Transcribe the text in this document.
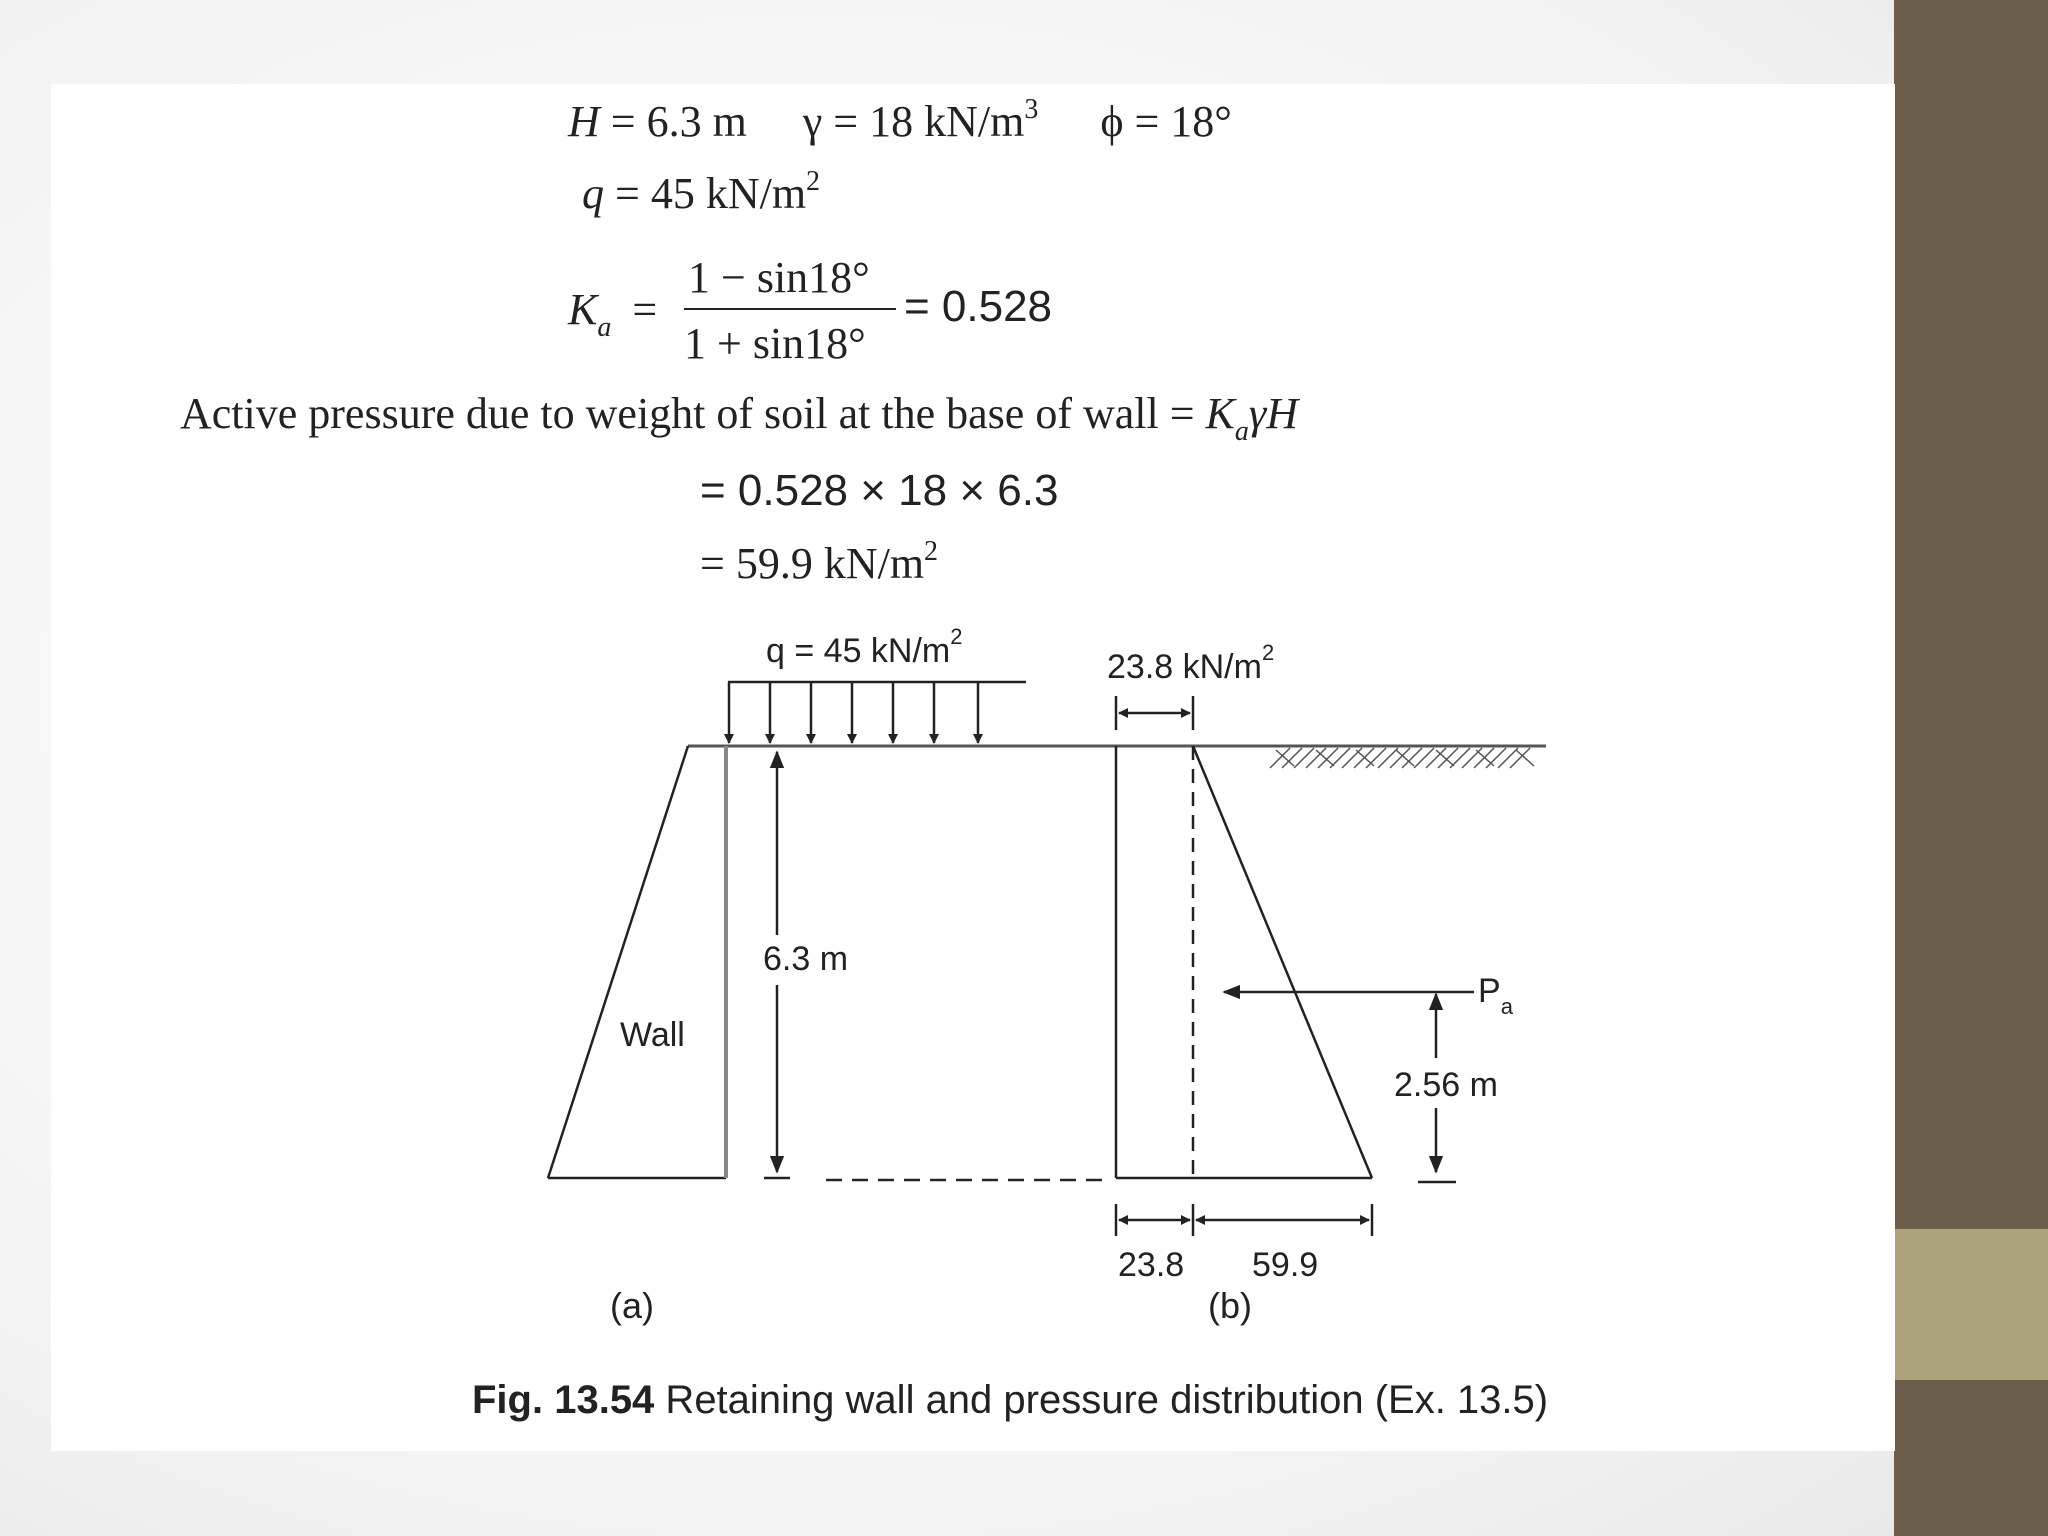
H = 6.3 m γ = 18 $kN/m^3$ ϕ = 18°
q = 45 $kN/m^2$
$K_a$ =
1 − sin18°
1 + sin18°
= 0.528
Active pressure due to weight of soil at the base of wall = $K_a\gamma H$
= 0.528 × 18 × 6.3
= 59.9 $kN/m^2$
q = 45 $kN/m^2$
6.3 m
Wall
(a)
23.8 $kN/m^2$
$P_a$
2.56 m
23.8 59.9
(b)
Fig. 13.54 Retaining wall and pressure distribution (Ex. 13.5)
